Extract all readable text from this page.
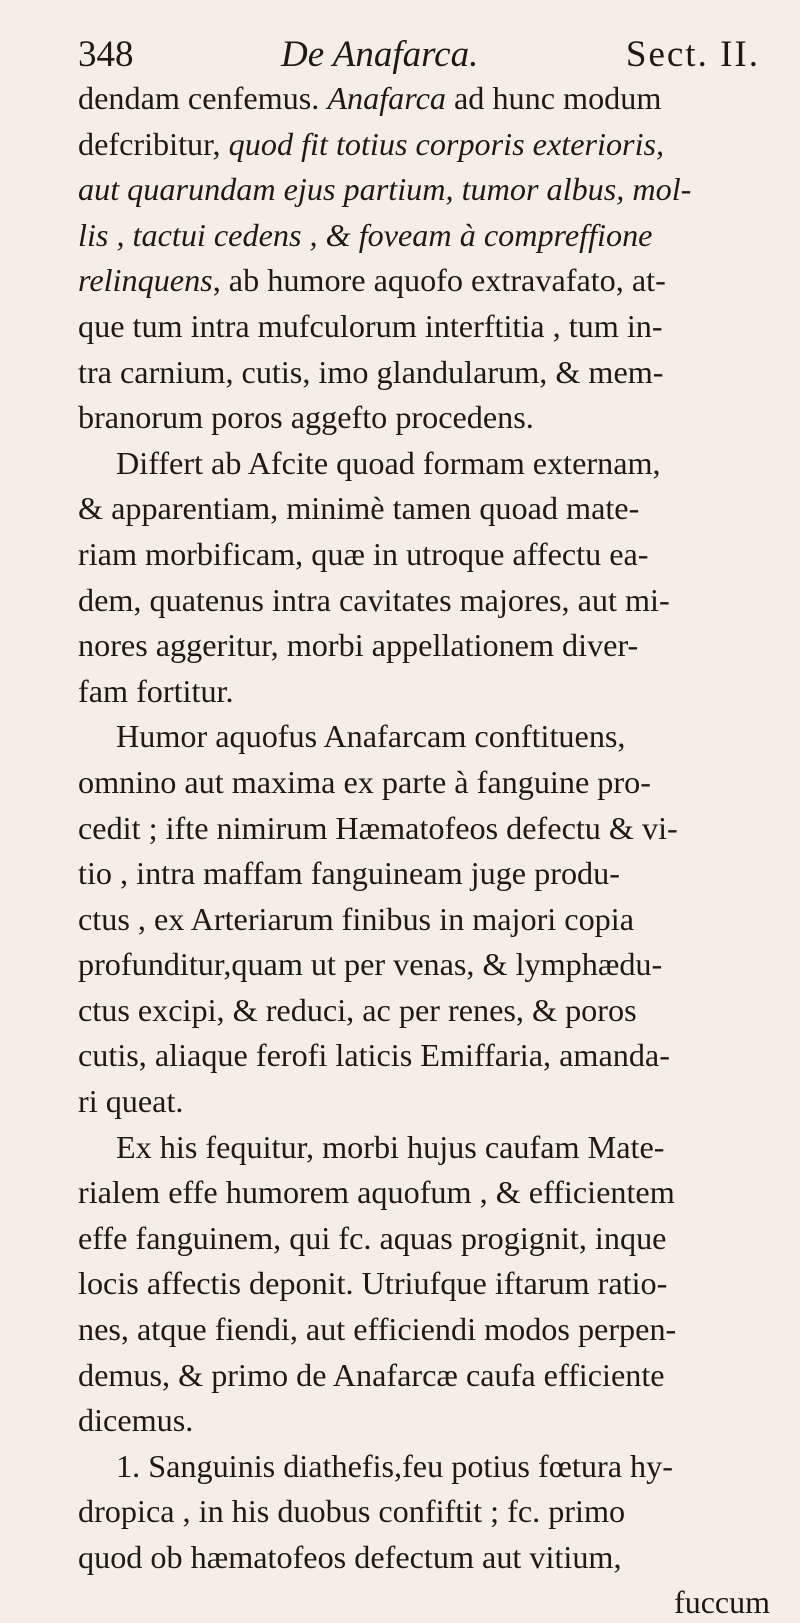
348	De Anafarca.	Sect. II.
dendam cenfemus. Anafarca ad hunc modum
defcribitur, quod fit totius corporis exterioris,
aut quarundam ejus partium, tumor albus, mol-
lis , tactui cedens , & foveam à compreffione
relinquens, ab humore aquofo extravafato, at-
que tum intra mufculorum interftitia , tum in-
tra carnium, cutis, imo glandularum, & mem-
branorum poros aggefto procedens.
Differt ab Afcite quoad formam externam,
& apparentiam, minimè tamen quoad mate-
riam morbificam, quæ in utroque affectu ea-
dem, quatenus intra cavitates majores, aut mi-
nores aggeritur, morbi appellationem diver-
fam fortitur.
Humor aquofus Anafarcam conftituens,
omnino aut maxima ex parte à fanguine pro-
cedit ; ifte nimirum Hæmatofeos defectu & vi-
tio , intra maffam fanguineam juge produ-
ctus , ex Arteriarum finibus in majori copia
profunditur,quam ut per venas, & lymphædu-
ctus excipi, & reduci, ac per renes, & poros
cutis, aliaque ferofi laticis Emiffaria, amanda-
ri queat.
Ex his fequitur, morbi hujus caufam Mate-
rialem effe humorem aquofum , & efficientem
effe fanguinem, qui fc. aquas progignit, inque
locis affectis deponit. Utriufque iftarum ratio-
nes, atque fiendi, aut efficiendi modos perpen-
demus, & primo de Anafarcæ caufa efficiente
dicemus.
1. Sanguinis diathefis,feu potius fœtura hy-
dropica , in his duobus confiftit ; fc. primo
quod ob hæmatofeos defectum aut vitium,
fuccum
